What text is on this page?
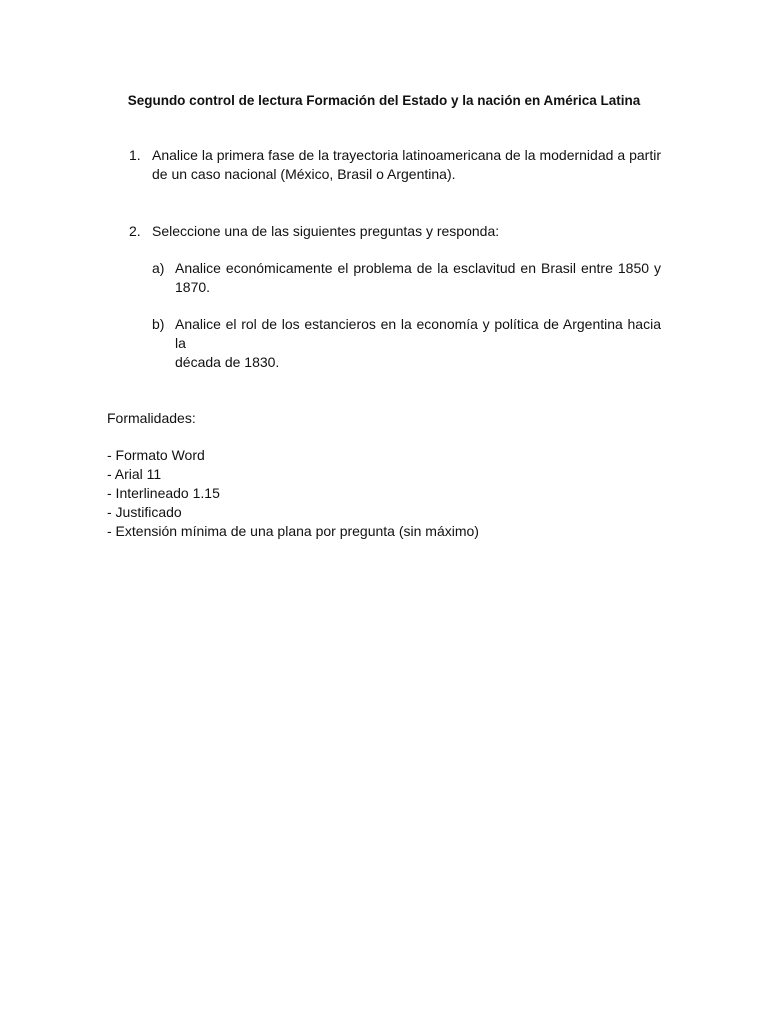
Segundo control de lectura Formación del Estado y la nación en América Latina
1. Analice la primera fase de la trayectoria latinoamericana de la modernidad a partir
de un caso nacional (México, Brasil o Argentina).
2. Seleccione una de las siguientes preguntas y responda:
a) Analice económicamente el problema de la esclavitud en Brasil entre 1850 y
1870.
b) Analice el rol de los estancieros en la economía y política de Argentina hacia la
década de 1830.
Formalidades:
- Formato Word
- Arial 11
- Interlineado 1.15
- Justificado
- Extensión mínima de una plana por pregunta (sin máximo)
